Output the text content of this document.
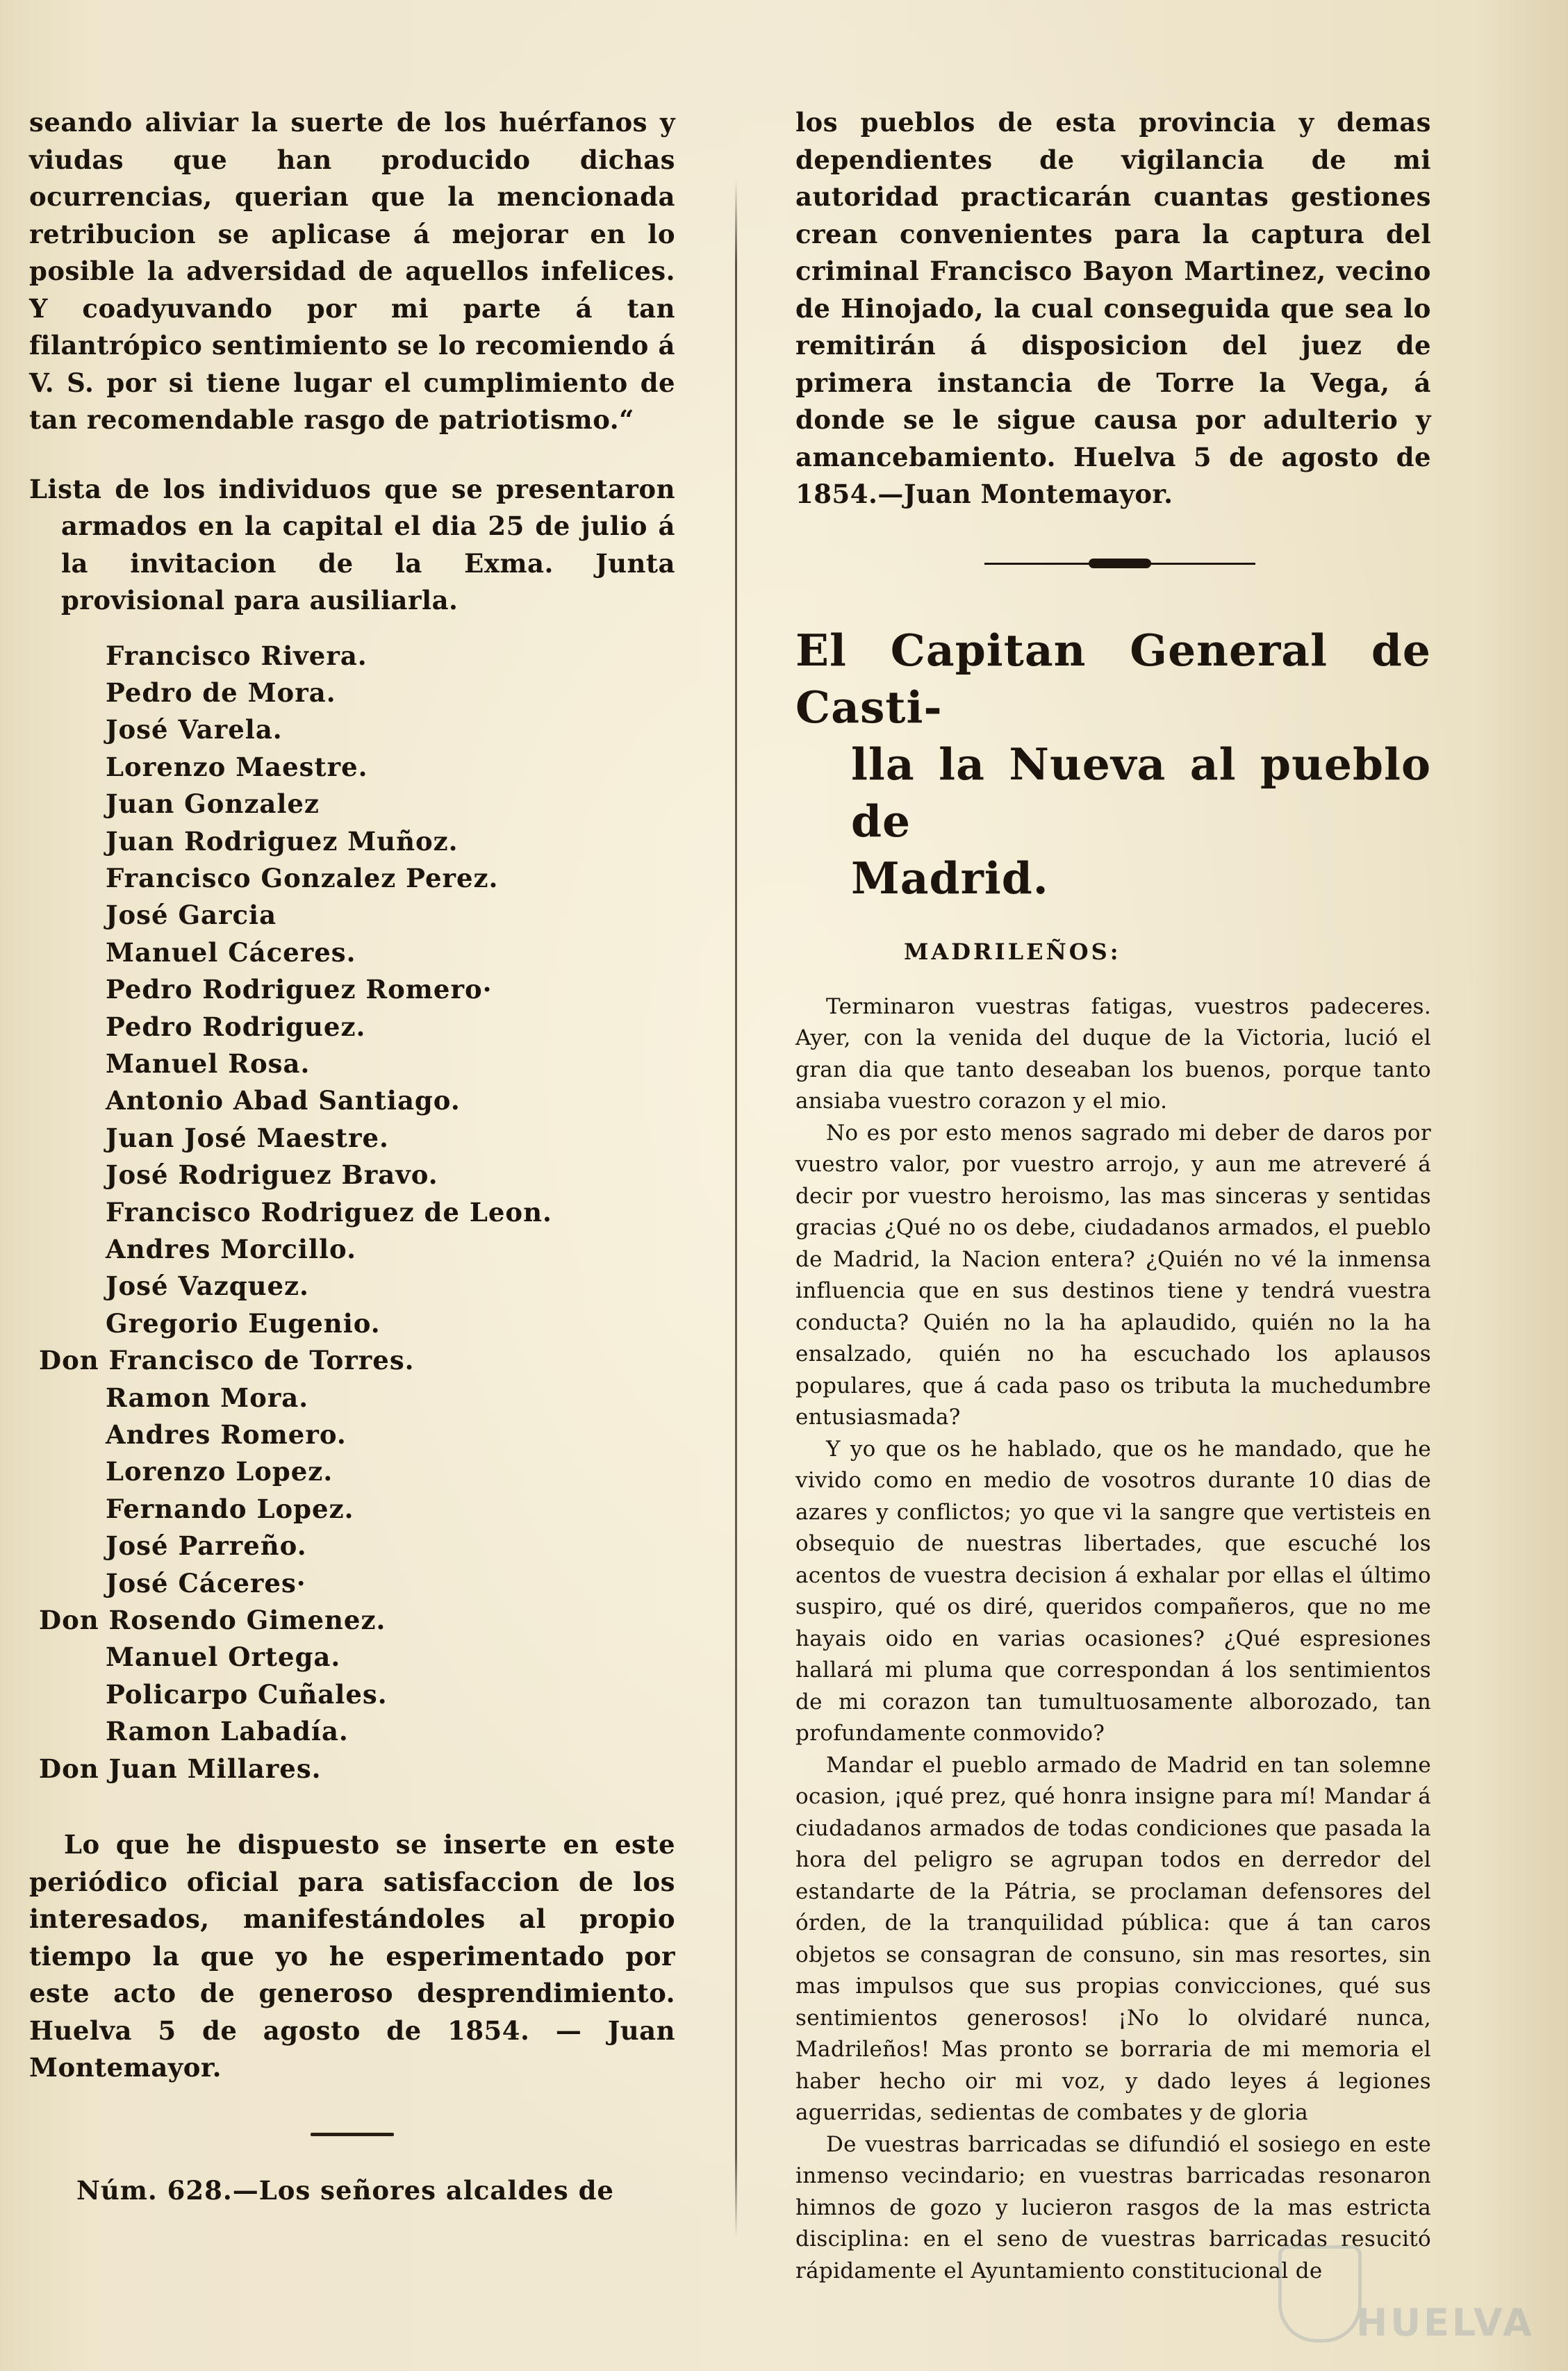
seando aliviar la suerte de los huérfanos y viudas que han producido dichas ocurrencias, querian que la mencionada retribucion se aplicase á mejorar en lo posible la adversidad de aquellos infelices. Y coadyuvando por mi parte á tan filantrópico sentimiento se lo recomiendo á V. S. por si tiene lugar el cumplimiento de tan recomendable rasgo de patriotismo.“

Lista de los individuos que se presentaron armados en la capital el dia 25 de julio á la invitacion de la Exma. Junta provisional para ausiliarla.

Francisco Rivera.
Pedro de Mora.
José Varela.
Lorenzo Maestre.
Juan Gonzalez
Juan Rodriguez Muñoz.
Francisco Gonzalez Perez.
José Garcia
Manuel Cáceres.
Pedro Rodriguez Romero·
Pedro Rodriguez.
Manuel Rosa.
Antonio Abad Santiago.
Juan José Maestre.
José Rodriguez Bravo.
Francisco Rodriguez de Leon.
Andres Morcillo.
José Vazquez.
Gregorio Eugenio.
Don Francisco de Torres.
Ramon Mora.
Andres Romero.
Lorenzo Lopez.
Fernando Lopez.
José Parreño.
José Cáceres·
Don Rosendo Gimenez.
Manuel Ortega.
Policarpo Cuñales.
Ramon Labadía.
Don Juan Millares.

Lo que he dispuesto se inserte en este periódico oficial para satisfaccion de los interesados, manifestándoles al propio tiempo la que yo he esperimentado por este acto de generoso desprendimiento. Huelva 5 de agosto de 1854. — Juan Montemayor.

Núm. 628.—Los señores alcaldes de

los pueblos de esta provincia y demas dependientes de vigilancia de mi autoridad practicarán cuantas gestiones crean convenientes para la captura del criminal Francisco Bayon Martinez, vecino de Hinojado, la cual conseguida que sea lo remitirán á disposicion del juez de primera instancia de Torre la Vega, á donde se le sigue causa por adulterio y amancebamiento. Huelva 5 de agosto de 1854.—Juan Montemayor.

El Capitan General de Casti-
lla la Nueva al pueblo de
Madrid.
MADRILEÑOS:

Terminaron vuestras fatigas, vuestros padeceres. Ayer, con la venida del duque de la Victoria, lució el gran dia que tanto deseaban los buenos, porque tanto ansiaba vuestro corazon y el mio.

No es por esto menos sagrado mi deber de daros por vuestro valor, por vuestro arrojo, y aun me atreveré á decir por vuestro heroismo, las mas sinceras y sentidas gracias ¿Qué no os debe, ciudadanos armados, el pueblo de Madrid, la Nacion entera? ¿Quién no vé la inmensa influencia que en sus destinos tiene y tendrá vuestra conducta? Quién no la ha aplaudido, quién no la ha ensalzado, quién no ha escuchado los aplausos populares, que á cada paso os tributa la muchedumbre entusiasmada?

Y yo que os he hablado, que os he mandado, que he vivido como en medio de vosotros durante 10 dias de azares y conflictos; yo que vi la sangre que vertisteis en obsequio de nuestras libertades, que escuché los acentos de vuestra decision á exhalar por ellas el último suspiro, qué os diré, queridos compañeros, que no me hayais oido en varias ocasiones? ¿Qué espresiones hallará mi pluma que correspondan á los sentimientos de mi corazon tan tumultuosamente alborozado, tan profundamente conmovido?

Mandar el pueblo armado de Madrid en tan solemne ocasion, ¡qué prez, qué honra insigne para mí! Mandar á ciudadanos armados de todas condiciones que pasada la hora del peligro se agrupan todos en derredor del estandarte de la Pátria, se proclaman defensores del órden, de la tranquilidad pública: que á tan caros objetos se consagran de consuno, sin mas resortes, sin mas impulsos que sus propias convicciones, qué sus sentimientos generosos! ¡No lo olvidaré nunca, Madrileños! Mas pronto se borraria de mi memoria el haber hecho oir mi voz, y dado leyes á legiones aguerridas, sedientas de combates y de gloria

De vuestras barricadas se difundió el sosiego en este inmenso vecindario; en vuestras barricadas resonaron himnos de gozo y lucieron rasgos de la mas estricta disciplina: en el seno de vuestras barricadas resucitó rápidamente el Ayuntamiento constitucional de

HUELVA
